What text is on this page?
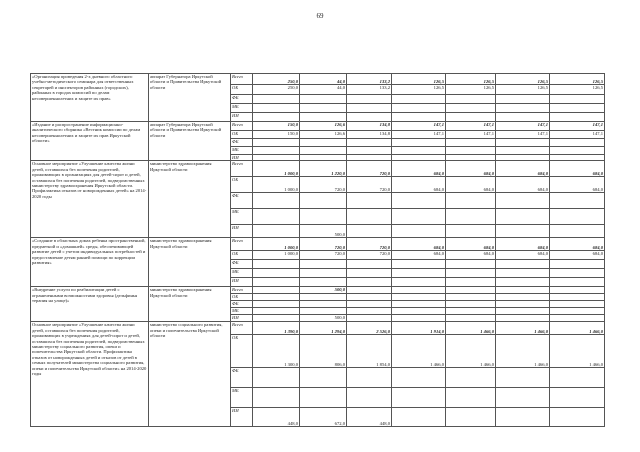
69
«Организация проведения 2-х дневного областного учебно-методического семинара для ответственных секретарей и инспекторов районных (городских), районных в городах комиссий по делам несовершеннолетних и защите их прав»	аппарат Губернатора Иркутской области и Правительства Иркутской области	Всего	250,0	44,0	133,2	126,5	126,5	126,5	126,5
		ОБ	250,0	44,0	133,2	126,5	126,5	126,5	126,5
		ФБ							
		МБ							
		ИИ							
«Издание и распространение информационно-аналитического сборника «Вестник комиссии по делам несовершеннолетних и защите их прав Иркутской области»	аппарат Губернатора Иркутской области и Правительства Иркутской области	Всего	150,0	126,6	134,8	147,1	147,1	147,1	147,1
		ОБ	150,0	126,6	134,8	147,1	147,1	147,1	147,1
		ФБ							
		МБ							
		ИИ							
Основное мероприятие «Улучшение качества жизни детей, оставшихся без попечения родителей, проживающих в организациях для детей-сирот и детей, оставшихся без попечения родителей, подведомственных министерству здравоохранения Иркутской области. Профилактика отказов от новорожденных детей» на 2014-2020 годы	министерство здравоохранения Иркутской области	Всего	1 000,0	1 220,0	720,0	684,0	684,0	684,0	684,0
		ОБ	1 000,0	720,0	720,0	684,0	684,0	684,0	684,0
		ФБ							
		МБ							
		ИИ		500,0					
«Создание в областных домах ребенка пространственной, предметной и «домашней» среды, обеспечивающей развитие детей с учетом индивидуальных потребностей и предоставление детям ранней помощи по коррекции развития»	министерство здравоохранения Иркутской области	Всего	1 000,0	720,0	720,0	684,0	684,0	684,0	684,0
		ОБ	1 000,0	720,0	720,0	684,0	684,0	684,0	684,0
		ФБ							
		МБ							
		ИИ							
«Внедрение услуги по реабилитации детей с ограниченными возможностями здоровья (дельфинья терапия на улице)»	министерство здравоохранения Иркутской области	Всего		500,0					
		ОБ							
		ФБ							
		МБ							
		ИИ		500,0					
Основное мероприятие «Улучшение качества жизни детей, оставшихся без попечения родителей, проживающих в учреждениях для детей-сирот и детей, оставшихся без попечения родителей, подведомственных министерству социального развития, опеки и попечительства Иркутской области. Профилактика отказов от новорожденных детей и отказов от детей в семьях получателей министерства социального развития, опеки и попечительства Иркутской области» на 2014-2020 годы	министерство социального развития, опеки и попечительства Иркутской области	Всего	1 390,0	1 294,0	2 526,0	1 914,0	1 466,0	1 466,0	1 466,0
		ОБ	1 300,0	806,0	1 854,0	1 466,0	1 466,0	1 466,0	1 466,0
		ФБ							
		МБ							
		ИИ	448,0	672,0	448,0				
